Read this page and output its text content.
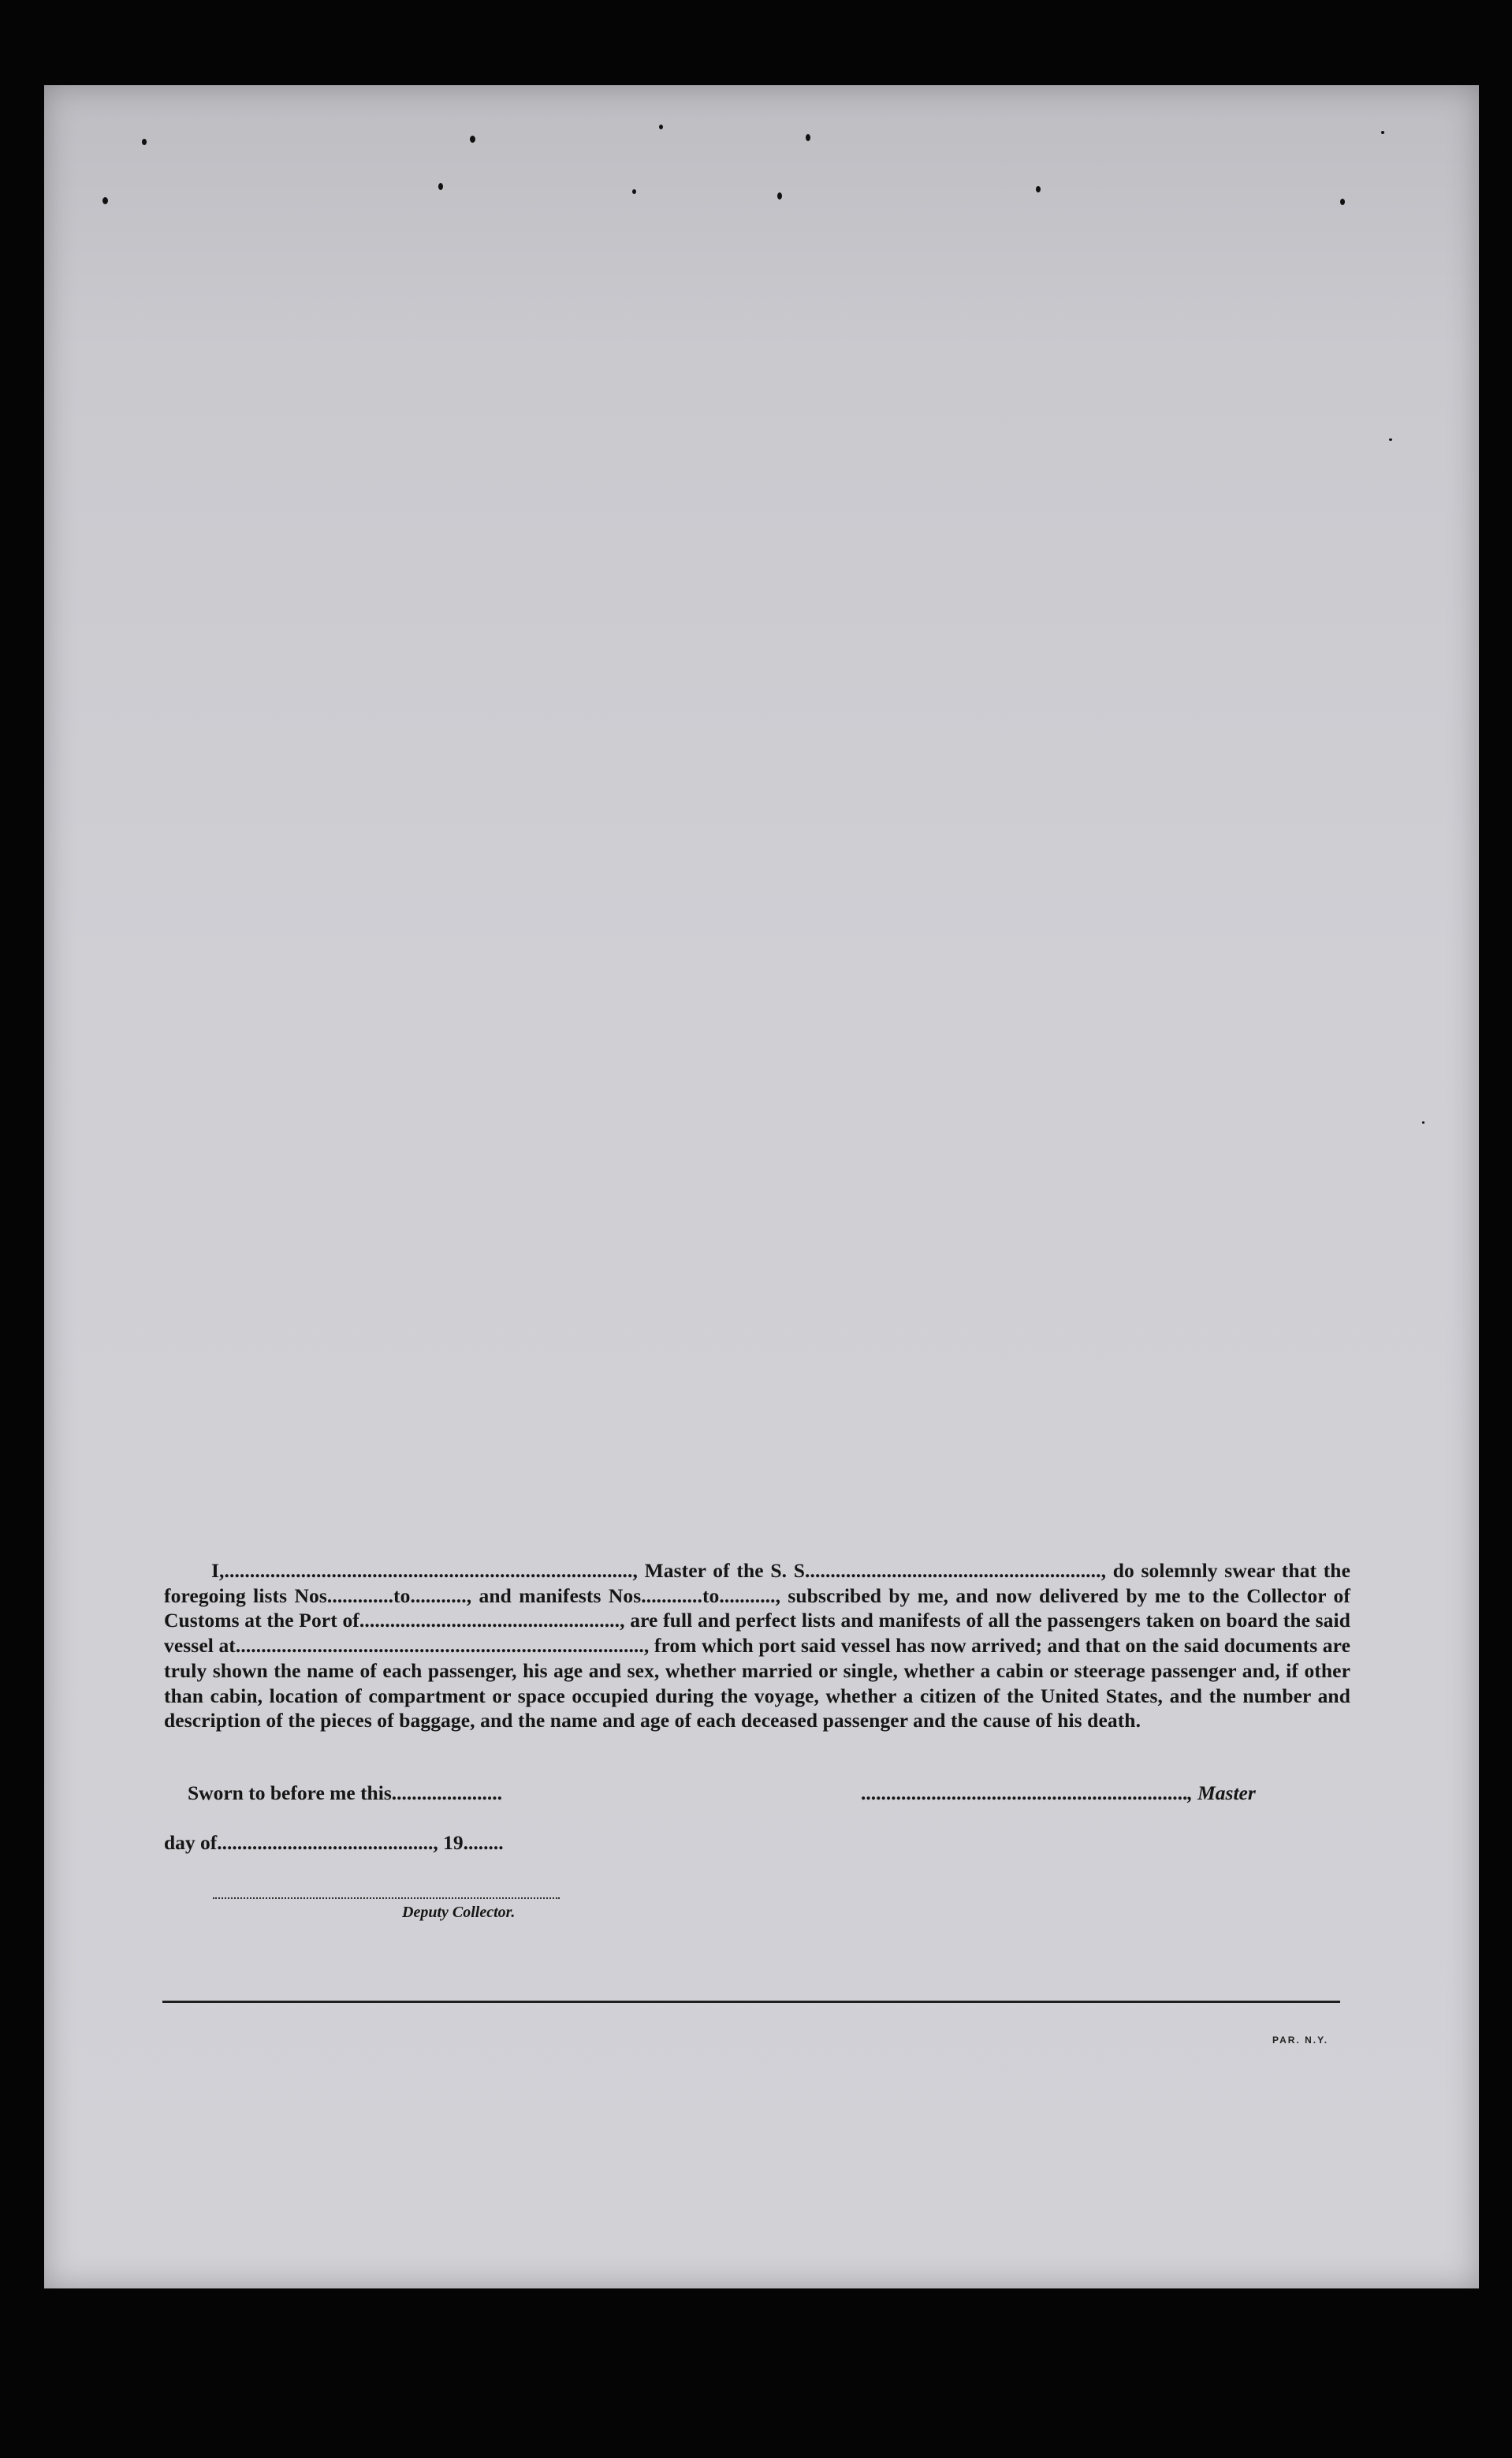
I,................................................................................, Master of the S. S.........................................................., do solemnly swear that the foregoing lists Nos.............to..........., and manifests Nos............to..........., subscribed by me, and now delivered by me to the Collector of Customs at the Port of..................................................., are full and perfect lists and manifests of all the passengers taken on board the said vessel at................................................................................, from which port said vessel has now arrived; and that on the said documents are truly shown the name of each passenger, his age and sex, whether married or single, whether a cabin or steerage passenger and, if other than cabin, location of compartment or space occupied during the voyage, whether a citizen of the United States, and the number and description of the pieces of baggage, and the name and age of each deceased passenger and the cause of his death.

Sworn to before me this......................	................................................................., Master
day of..........................................., 19........
Deputy Collector.
PAR. N.Y.
